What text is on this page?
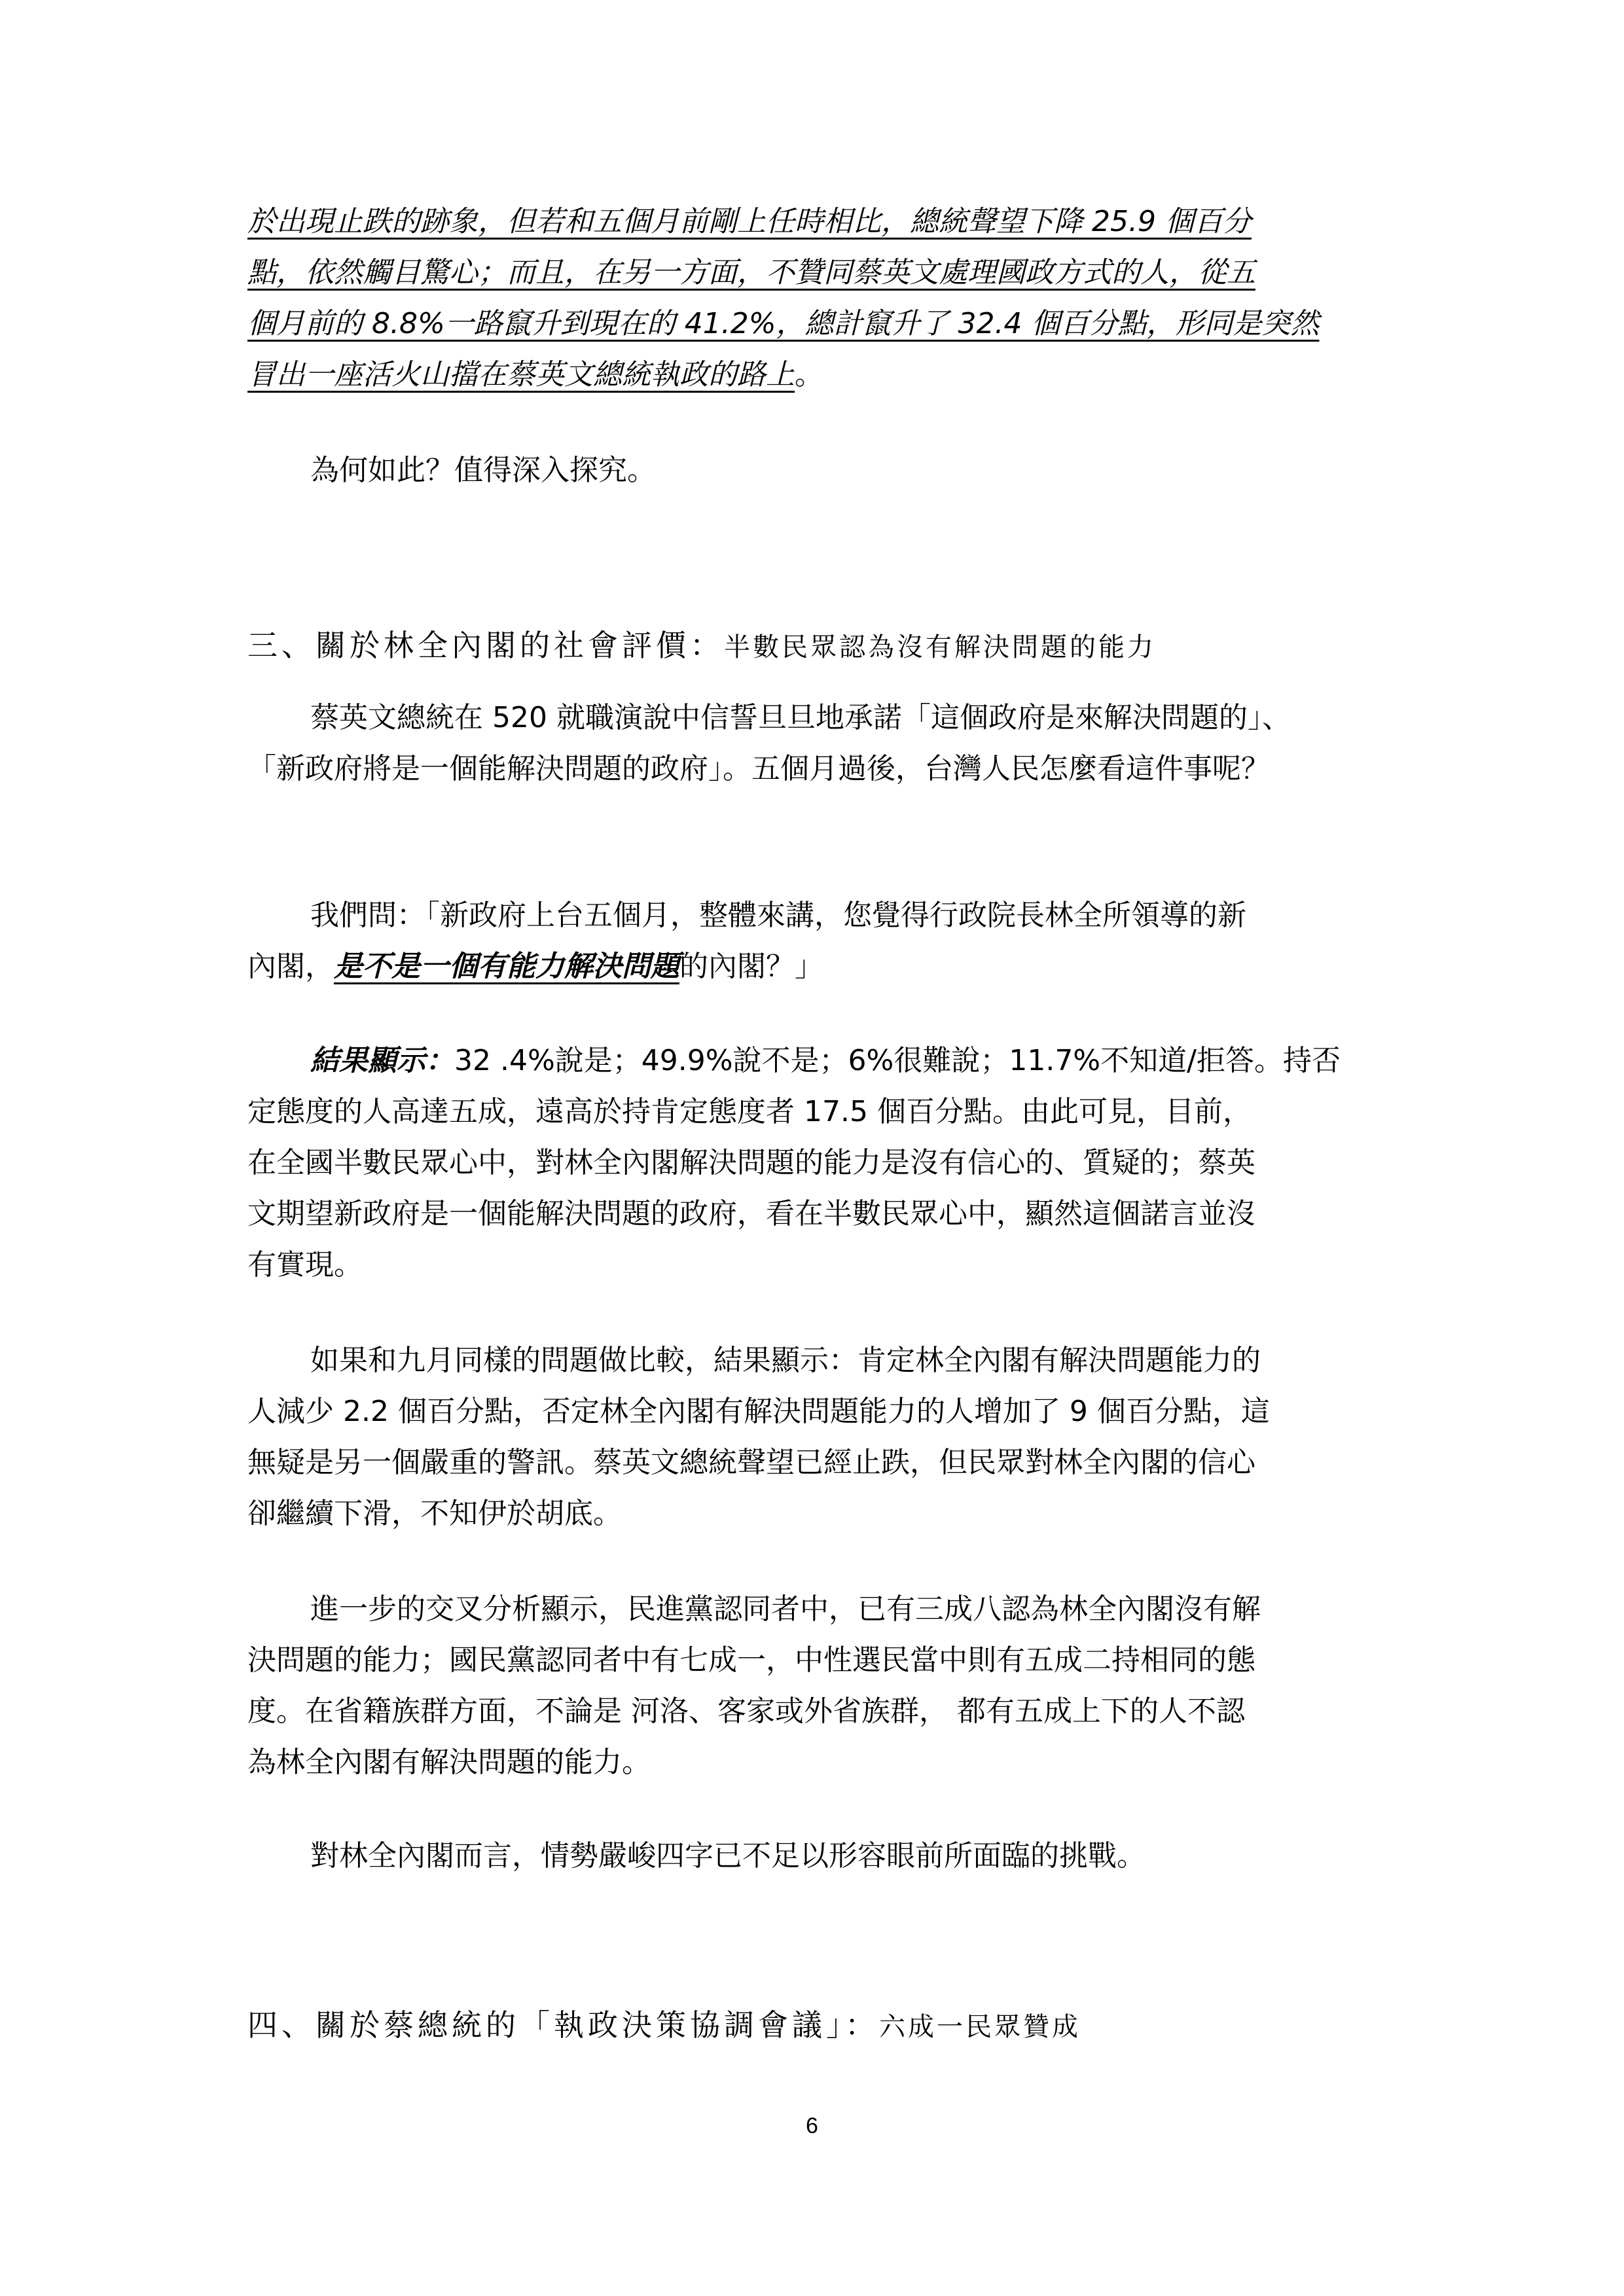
於出現止跌的跡象，但若和五個月前剛上任時相比，總統聲望下降 25.9 個百分
點，依然觸目驚心；而且，在另一方面，不贊同蔡英文處理國政方式的人，從五
個月前的 8.8%一路竄升到現在的 41.2%，總計竄升了 32.4 個百分點，形同是突然
冒出一座活火山擋在蔡英文總統執政的路上。
為何如此？值得深入探究。
三、關於林全內閣的社會評價：半數民眾認為沒有解決問題的能力
蔡英文總統在 520 就職演說中信誓旦旦地承諾「這個政府是來解決問題的」、
「新政府將是一個能解決問題的政府」。五個月過後，台灣人民怎麼看這件事呢？
我們問：「新政府上台五個月，整體來講，您覺得行政院長林全所領導的新
內閣，是不是一個有能力解決問題的內閣？」
結果顯示：32 .4%說是；49.9%說不是；6%很難說；11.7%不知道/拒答。持否
定態度的人高達五成，遠高於持肯定態度者 17.5 個百分點。由此可見，目前，
在全國半數民眾心中，對林全內閣解決問題的能力是沒有信心的、質疑的；蔡英
文期望新政府是一個能解決問題的政府，看在半數民眾心中，顯然這個諾言並沒
有實現。
如果和九月同樣的問題做比較，結果顯示：肯定林全內閣有解決問題能力的
人減少 2.2 個百分點，否定林全內閣有解決問題能力的人增加了 9 個百分點，這
無疑是另一個嚴重的警訊。蔡英文總統聲望已經止跌，但民眾對林全內閣的信心
卻繼續下滑，不知伊於胡底。
進一步的交叉分析顯示，民進黨認同者中，已有三成八認為林全內閣沒有解
決問題的能力；國民黨認同者中有七成一，中性選民當中則有五成二持相同的態
度。在省籍族群方面，不論是 河洛、客家或外省族群， 都有五成上下的人不認
為林全內閣有解決問題的能力。
對林全內閣而言，情勢嚴峻四字已不足以形容眼前所面臨的挑戰。
四、關於蔡總統的「執政決策協調會議」：六成一民眾贊成
6
